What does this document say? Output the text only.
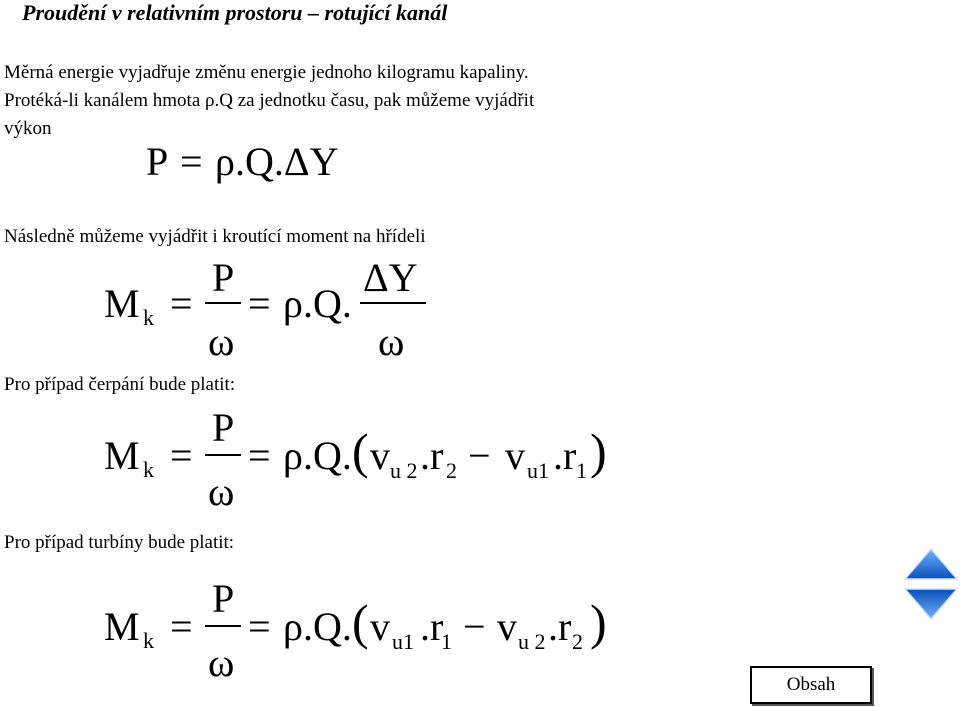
Proudění v relativním prostoru – rotující kanál
Měrná energie vyjadřuje změnu energie jednoho kilogramu kapaliny.
Protéká-li kanálem hmota ρ.Q za jednotku času, pak můžeme vyjádřit
výkon
P = ρ.Q.ΔY
Následně můžeme vyjádřit i kroutící moment na hřídeli
M k =
P
ω
= ρ.Q.
ΔY
ω
Pro případ čerpání bude platit:
M k =
P
ω
= ρ.Q. ( v u 2 .r 2 − v u1 .r 1 )
Pro případ turbíny bude platit:
M k =
P
ω
= ρ.Q. ( v u1 .r
1 − v u 2 .r 2 )
Obsah
